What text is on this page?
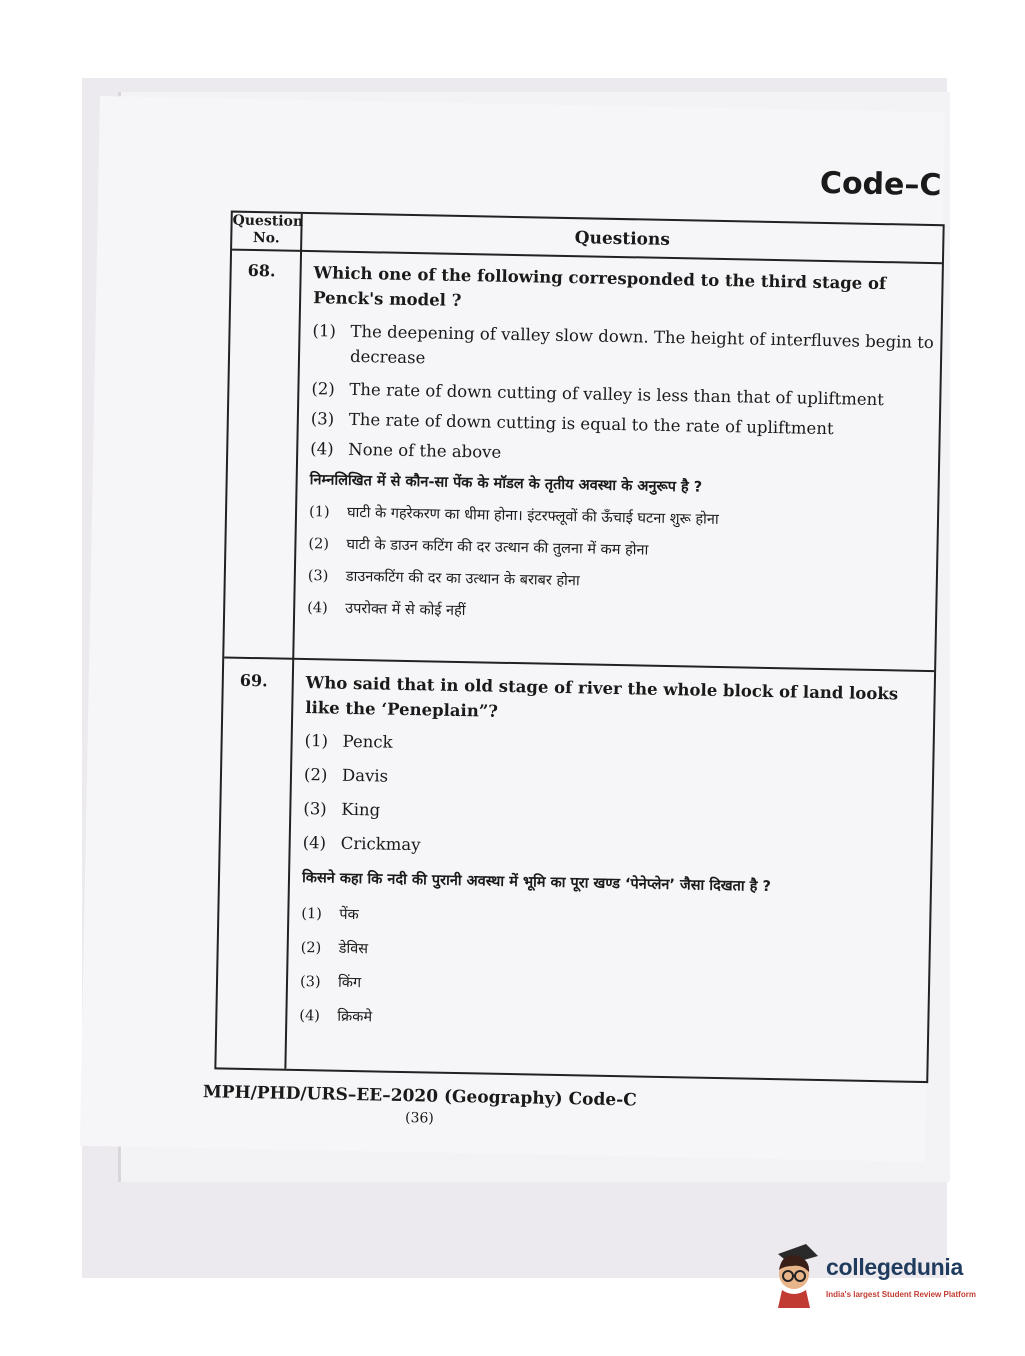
Code–C
Question No.	Questions
68. Which one of the following corresponded to the third stage of Penck's model ?
(1) The deepening of valley slow down. The height of interfluves begin to decrease
(2) The rate of down cutting of valley is less than that of upliftment
(3) The rate of down cutting is equal to the rate of upliftment
(4) None of the above
निम्नलिखित में से कौन-सा पेंक के मॉडल के तृतीय अवस्था के अनुरूप है ?
(1) घाटी के गहरेकरण का धीमा होना। इंटरफ्लूवों की ऊँचाई घटना शुरू होना
(2) घाटी के डाउन कटिंग की दर उत्थान की तुलना में कम होना
(3) डाउनकटिंग की दर का उत्थान के बराबर होना
(4) उपरोक्त में से कोई नहीं
69. Who said that in old stage of river the whole block of land looks like the ‘Peneplain”?
(1) Penck
(2) Davis
(3) King
(4) Crickmay
किसने कहा कि नदी की पुरानी अवस्था में भूमि का पूरा खण्ड ‘पेनेप्लेन’ जैसा दिखता है ?
(1) पेंक
(2) डेविस
(3) किंग
(4) क्रिकमे
MPH/PHD/URS–EE–2020 (Geography) Code-C
(36)
collegedunia
India's largest Student Review Platform
